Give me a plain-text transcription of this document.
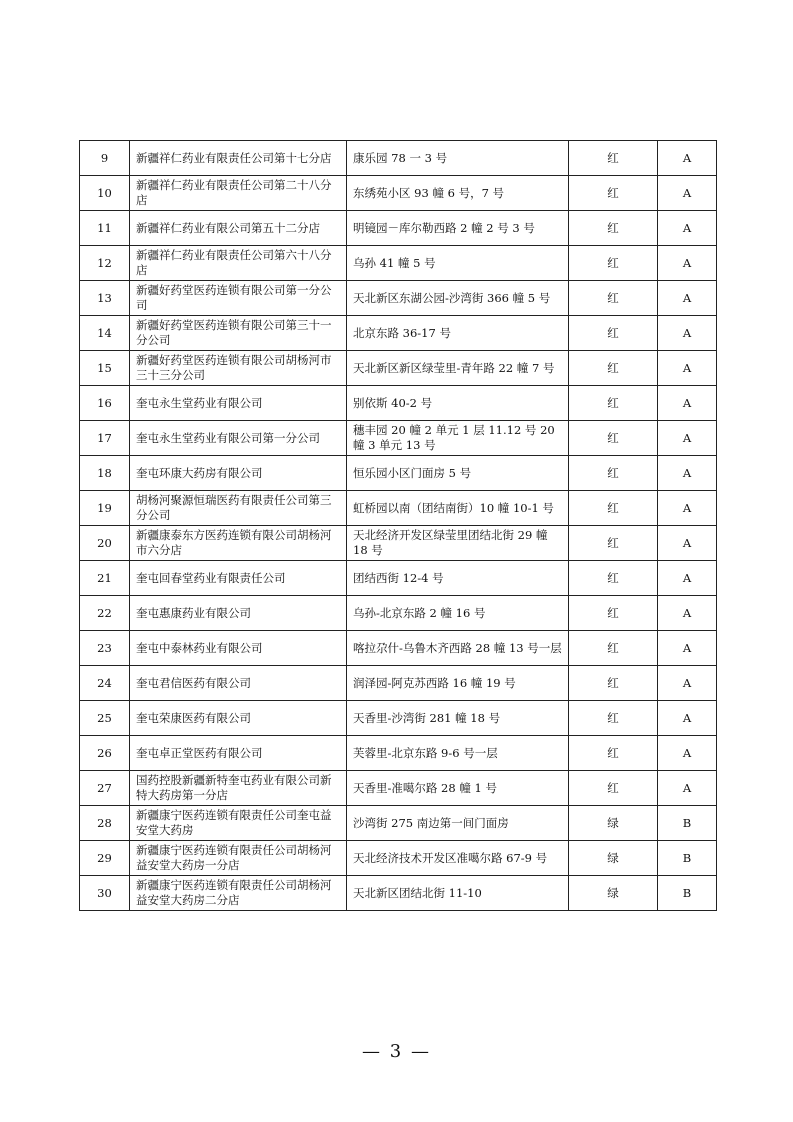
9	新疆祥仁药业有限责任公司第十七分店	康乐园 78 一 3 号	红	A
10	新疆祥仁药业有限责任公司第二十八分店	东绣苑小区 93 幢 6 号，7 号	红	A
11	新疆祥仁药业有限公司第五十二分店	明镜园－库尔勒西路 2 幢 2 号 3 号	红	A
12	新疆祥仁药业有限责任公司第六十八分店	乌孙 41 幢 5 号	红	A
13	新疆好药堂医药连锁有限公司第一分公司	天北新区东湖公园-沙湾街 366 幢 5 号	红	A
14	新疆好药堂医药连锁有限公司第三十一分公司	北京东路 36-17 号	红	A
15	新疆好药堂医药连锁有限公司胡杨河市三十三分公司	天北新区新区绿莹里-青年路 22 幢 7 号	红	A
16	奎屯永生堂药业有限公司	别依斯 40-2 号	红	A
17	奎屯永生堂药业有限公司第一分公司	穗丰园 20 幢 2 单元 1 层 11.12 号 20 幢 3 单元 13 号	红	A
18	奎屯环康大药房有限公司	恒乐园小区门面房 5 号	红	A
19	胡杨河聚源恒瑞医药有限责任公司第三分公司	虹桥园以南（团结南街）10 幢 10-1 号	红	A
20	新疆康泰东方医药连锁有限公司胡杨河市六分店	天北经济开发区绿莹里团结北街 29 幢 18 号	红	A
21	奎屯回春堂药业有限责任公司	团结西街 12-4 号	红	A
22	奎屯惠康药业有限公司	乌孙-北京东路 2 幢 16 号	红	A
23	奎屯中泰林药业有限公司	喀拉尕什-乌鲁木齐西路 28 幢 13 号一层	红	A
24	奎屯君信医药有限公司	润泽园-阿克苏西路 16 幢 19 号	红	A
25	奎屯荣康医药有限公司	天香里-沙湾街 281 幢 18 号	红	A
26	奎屯卓正堂医药有限公司	芙蓉里-北京东路 9-6 号一层	红	A
27	国药控股新疆新特奎屯药业有限公司新特大药房第一分店	天香里-准噶尔路 28 幢 1 号	红	A
28	新疆康宁医药连锁有限责任公司奎屯益安堂大药房	沙湾街 275 南边第一间门面房	绿	B
29	新疆康宁医药连锁有限责任公司胡杨河益安堂大药房一分店	天北经济技术开发区准噶尔路 67-9 号	绿	B
30	新疆康宁医药连锁有限责任公司胡杨河益安堂大药房二分店	天北新区团结北街 11-10	绿	B
— 3 —
